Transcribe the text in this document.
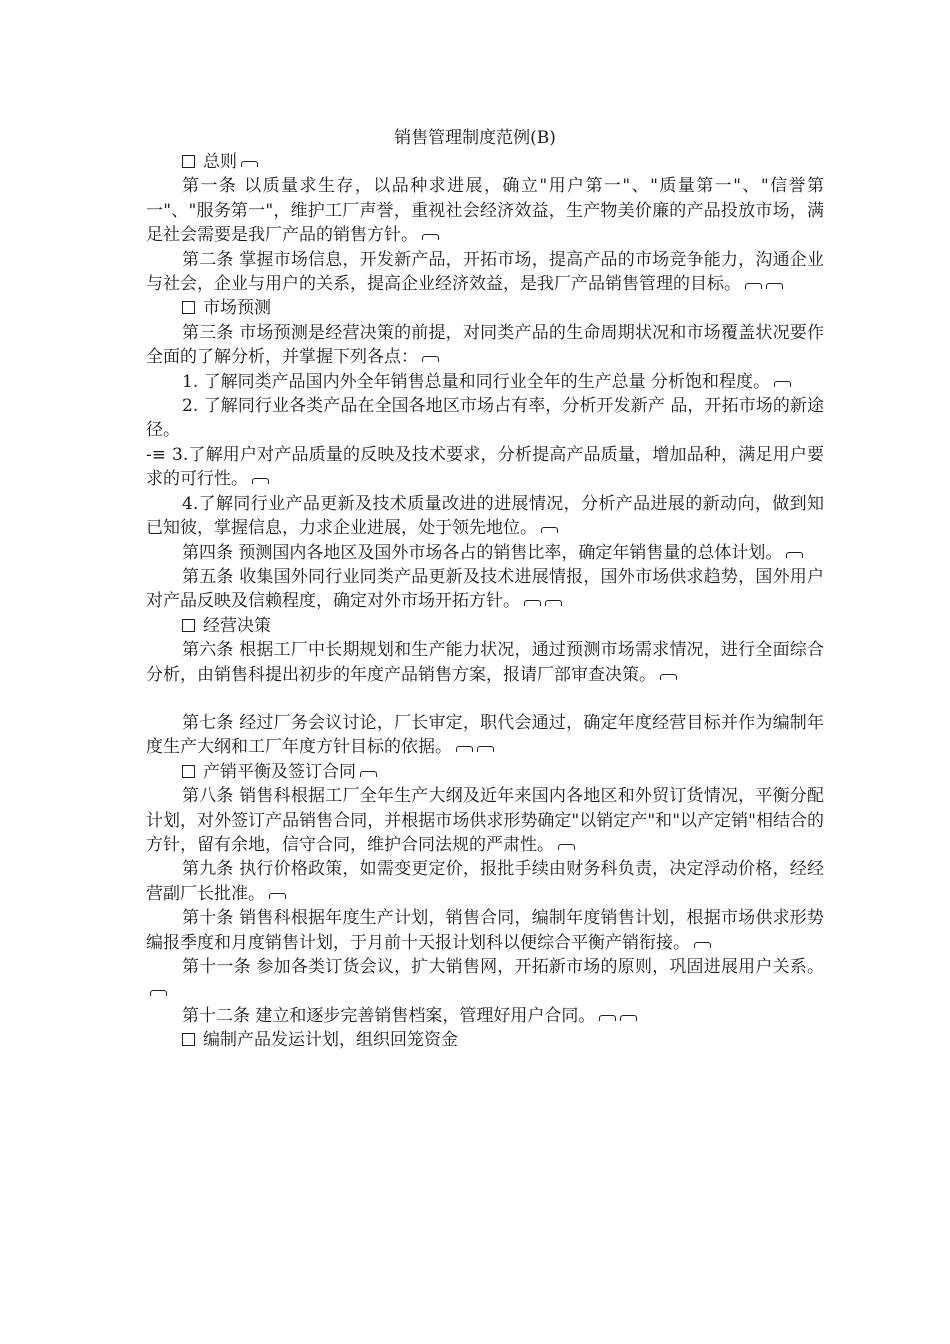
销售管理制度范例(B)

总则

第一条 以质量求生存，以品种求进展，确立"用户第一"、"质量第一"、"信誉第一"、"服务第一"，维护工厂声誉，重视社会经济效益，生产物美价廉的产品投放市场，满足社会需要是我厂产品的销售方针。

第二条 掌握市场信息，开发新产品，开拓市场，提高产品的市场竞争能力，沟通企业与社会，企业与用户的关系，提高企业经济效益，是我厂产品销售管理的目标。

市场预测

第三条 市场预测是经营决策的前提，对同类产品的生命周期状况和市场覆盖状况要作全面的了解分析，并掌握下列各点：

1. 了解同类产品国内外全年销售总量和同行业全年的生产总量 分析饱和程度。

2. 了解同行业各类产品在全国各地区市场占有率，分析开发新产 品，开拓市场的新途径。

-≡ 3.了解用户对产品质量的反映及技术要求，分析提高产品质量，增加品种，满足用户要求的可行性。

4.了解同行业产品更新及技术质量改进的进展情况，分析产品进展的新动向，做到知已知彼，掌握信息，力求企业进展，处于领先地位。

第四条 预测国内各地区及国外市场各占的销售比率，确定年销售量的总体计划。

第五条 收集国外同行业同类产品更新及技术进展情报，国外市场供求趋势，国外用户对产品反映及信赖程度，确定对外市场开拓方针。

经营决策

第六条 根据工厂中长期规划和生产能力状况，通过预测市场需求情况，进行全面综合分析，由销售科提出初步的年度产品销售方案，报请厂部审查决策。

第七条 经过厂务会议讨论，厂长审定，职代会通过，确定年度经营目标并作为编制年度生产大纲和工厂年度方针目标的依据。

产销平衡及签订合同

第八条 销售科根据工厂全年生产大纲及近年来国内各地区和外贸订货情况，平衡分配计划，对外签订产品销售合同，并根据市场供求形势确定"以销定产"和"以产定销"相结合的方针，留有余地，信守合同，维护合同法规的严肃性。

第九条 执行价格政策，如需变更定价，报批手续由财务科负责，决定浮动价格，经经营副厂长批准。

第十条 销售科根据年度生产计划，销售合同，编制年度销售计划，根据市场供求形势编报季度和月度销售计划，于月前十天报计划科以便综合平衡产销衔接。

第十一条 参加各类订货会议，扩大销售网，开拓新市场的原则，巩固进展用户关系。

第十二条 建立和逐步完善销售档案，管理好用户合同。

编制产品发运计划，组织回笼资金
